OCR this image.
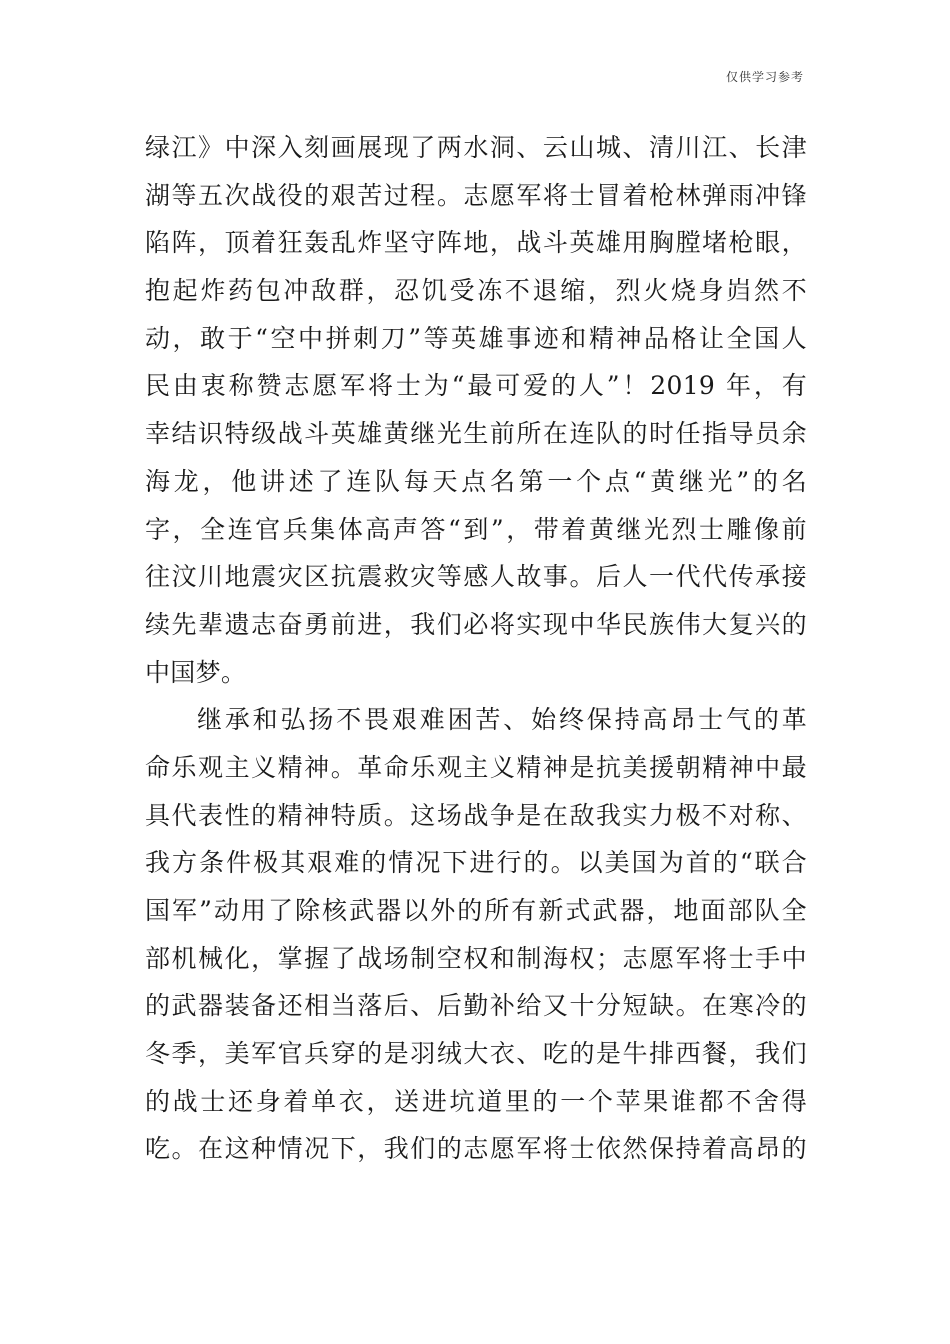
仅供学习参考
绿江》中深入刻画展现了两水洞、云山城、清川江、长津
湖等五次战役的艰苦过程。志愿军将士冒着枪林弹雨冲锋
陷阵，顶着狂轰乱炸坚守阵地，战斗英雄用胸膛堵枪眼，
抱起炸药包冲敌群，忍饥受冻不退缩，烈火烧身岿然不
动，敢于“空中拼刺刀”等英雄事迹和精神品格让全国人
民由衷称赞志愿军将士为“最可爱的人”！2019 年，有
幸结识特级战斗英雄黄继光生前所在连队的时任指导员余
海龙，他讲述了连队每天点名第一个点“黄继光”的名
字，全连官兵集体高声答“到”，带着黄继光烈士雕像前
往汶川地震灾区抗震救灾等感人故事。后人一代代传承接
续先辈遗志奋勇前进，我们必将实现中华民族伟大复兴的
中国梦。
继承和弘扬不畏艰难困苦、始终保持高昂士气的革
命乐观主义精神。革命乐观主义精神是抗美援朝精神中最
具代表性的精神特质。这场战争是在敌我实力极不对称、
我方条件极其艰难的情况下进行的。以美国为首的“联合
国军”动用了除核武器以外的所有新式武器，地面部队全
部机械化，掌握了战场制空权和制海权；志愿军将士手中
的武器装备还相当落后、后勤补给又十分短缺。在寒冷的
冬季，美军官兵穿的是羽绒大衣、吃的是牛排西餐，我们
的战士还身着单衣，送进坑道里的一个苹果谁都不舍得
吃。在这种情况下，我们的志愿军将士依然保持着高昂的
